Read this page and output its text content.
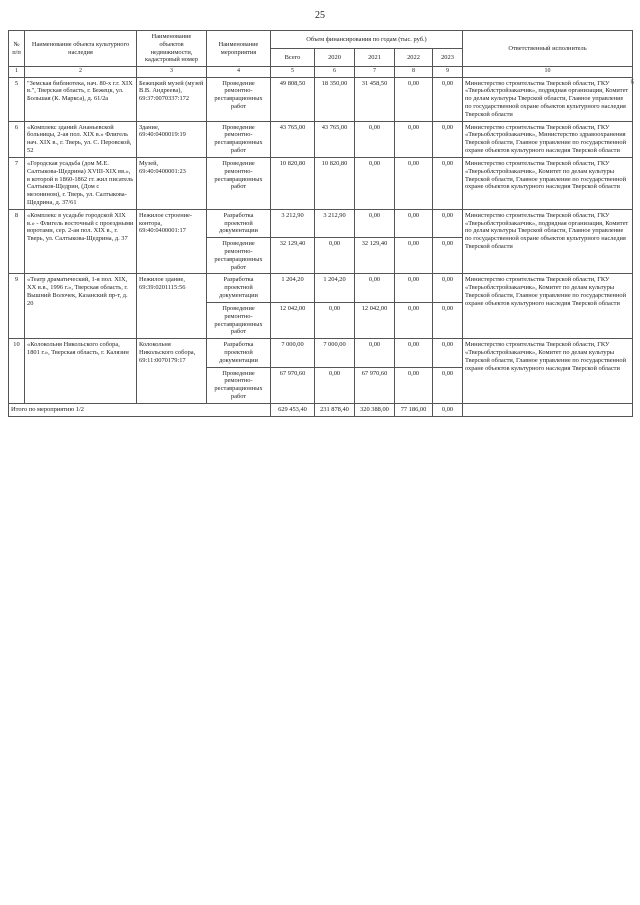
25
6
№ п/п	Наименование объекта культурного наследия	Наименование объектов недвижимости, кадастровый номер	Наименование мероприятия	Объем финансирования по годам (тыс. руб.)					Ответственный исполнитель
				Всего	2020	2021	2022	2023	
1	2	3	4	5	6	7	8	9	10
5	"Земская библиотека, нач. 80-х г.г. XIX в.", Тверская область, г. Бежецк, ул. Большая (К. Маркса), д. 61/2а	Бежецкий музей (музей В.В. Андреева), 69:37:0070337:172	Проведение ремонтно-реставрационных работ	49 808,50	18 350,00	31 458,50	0,00	0,00	Министерство строительства Тверской области, ГКУ «Тверьоблстройзаказчик», подрядная организация, Комитет по делам культуры Тверской области, Главное управление по государственной охране объектов культурного наследия Тверской области
6	«Комплекс зданий Ананьевской больницы, 2-ая пол. XIX в.» Флигель нач. XIX в., г. Тверь, ул. С. Перовской, 52	Здание, 69:40:0400019:19	Проведение ремонтно-реставрационных работ	43 765,00	43 765,00	0,00	0,00	0,00	Министерство строительства Тверской области, ГКУ «Тверьоблстройзаказчик», Министерство здравоохранения Тверской области, Главное управление по государственной охране объектов культурного наследия Тверской области
7	«Городская усадьба (дом М.Е. Салтыкова-Щедрина) XVIII-XIX вв.», в которой в 1860-1862 гг. жил писатель Салтыков-Щедрин, (Дом с мезонином), г. Тверь, ул. Салтыкова-Щедрина, д. 37/61	Музей, 69:40:0400001:23	Проведение ремонтно-реставрационных работ	10 820,80	10 820,80	0,00	0,00	0,00	Министерство строительства Тверской области, ГКУ «Тверьоблстройзаказчик», Комитет по делам культуры Тверской области, Главное управление по государственной охране объектов культурного наследия Тверской области
8	«Комплекс в усадьбе городской XIX в.» - Флигель восточный с проездными воротами, сер. 2-ая пол. XIX в., г. Тверь, ул. Салтыкова-Щедрина, д. 37	Нежилое строение-контора, 69:40:0400001:17	Разработка проектной документации	3 212,90	3 212,90	0,00	0,00	0,00	Министерство строительства Тверской области, ГКУ «Тверьоблстройзаказчик», подрядная организация, Комитет по делам культуры Тверской области, Главное управление по государственной охране объектов культурного наследия Тверской области
			Проведение ремонтно-реставрационных работ	32 129,40	0,00	32 129,40	0,00	0,00	
9	«Театр драматический, 1-я пол. XIX, XX в.в., 1996 г.», Тверская область, г. Вышний Волочек, Казанский пр-т, д. 20	Нежилое здание, 69:39:0201115:56	Разработка проектной документации	1 204,20	1 204,20	0,00	0,00	0,00	Министерство строительства Тверской области, ГКУ «Тверьоблстройзаказчик», Комитет по делам культуры Тверской области, Главное управление по государственной охране объектов культурного наследия Тверской области
			Проведение ремонтно-реставрационных работ	12 042,00	0,00	12 042,00	0,00	0,00	
10	«Колокольня Никольского собора, 1801 г.», Тверская область, г. Калязин	Колокольня Никольского собора, 69:11:0070179:17	Разработка проектной документации	7 000,00	7 000,00	0,00	0,00	0,00	Министерство строительства Тверской области, ГКУ «Тверьоблстройзаказчик», Комитет по делам культуры Тверской области, Главное управление по государственной охране объектов культурного наследия Тверской области
			Проведение ремонтно-реставрационных работ	67 970,60	0,00	67 970,60	0,00	0,00	
Итого по мероприятию 1/2				629 453,40	231 878,40	320 388,00	77 186,00	0,00	
